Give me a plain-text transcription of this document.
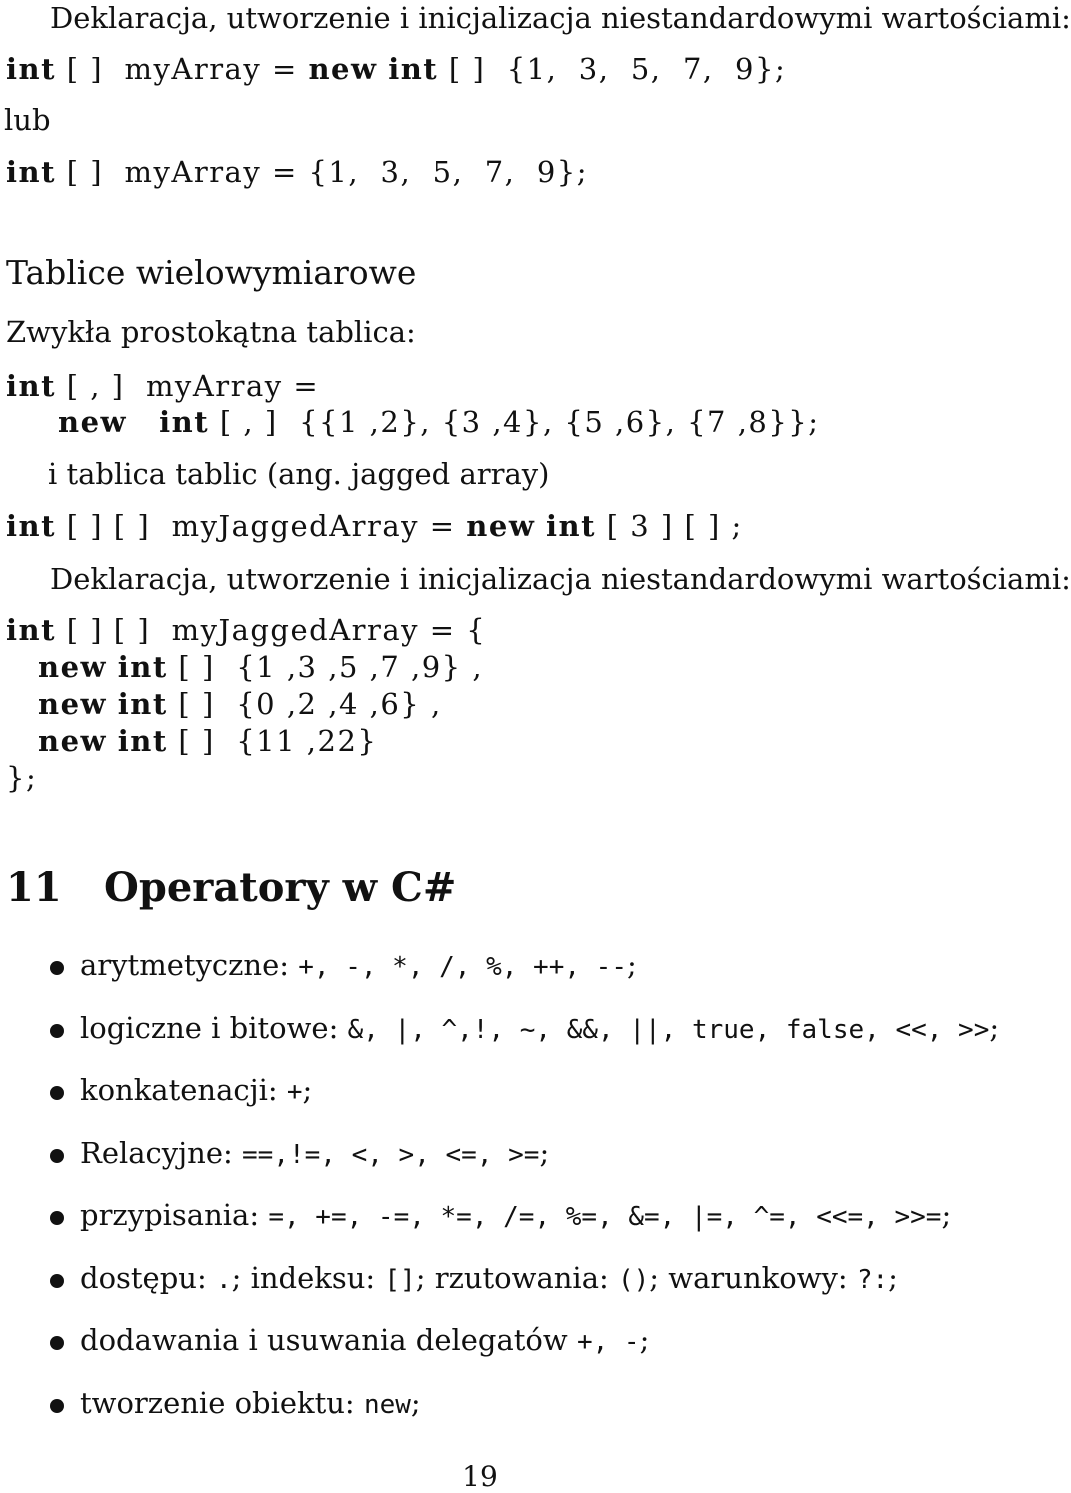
Deklaracja, utworzenie i inicjalizacja niestandardowymi wartościami:
int [ ]  myArray = new int [ ]  {1,  3,  5,  7,  9};
lub
int [ ]  myArray = {1,  3,  5,  7,  9};
Tablice wielowymiarowe
Zwykła prostokątna tablica:
int [ , ]  myArray =
new int [ , ]  {{1 ,2}, {3 ,4}, {5 ,6}, {7 ,8}};
i tablica tablic (ang. jagged array)
int [ ] [ ]  myJaggedArray = new int [ 3 ] [ ] ;
Deklaracja, utworzenie i inicjalizacja niestandardowymi wartościami:
int [ ] [ ]  myJaggedArray = {
new int [ ]  {1 ,3 ,5 ,7 ,9} ,
new int [ ]  {0 ,2 ,4 ,6} ,
new int [ ]  {11 ,22}
};
11 Operatory w C#
arytmetyczne: +, -, *, /, %, ++, --;
logiczne i bitowe: &, |, ^,!, ~, &&, ||, true, false, <<, >>;
konkatenacji: +;
Relacyjne: ==,!=, <, >, <=, >=;
przypisania: =, +=, -=, *=, /=, %=, &=, |=, ^=, <<=, >>=;
dostępu: .; indeksu: []; rzutowania: (); warunkowy: ?:;
dodawania i usuwania delegatów +, -;
tworzenie obiektu: new;
19
